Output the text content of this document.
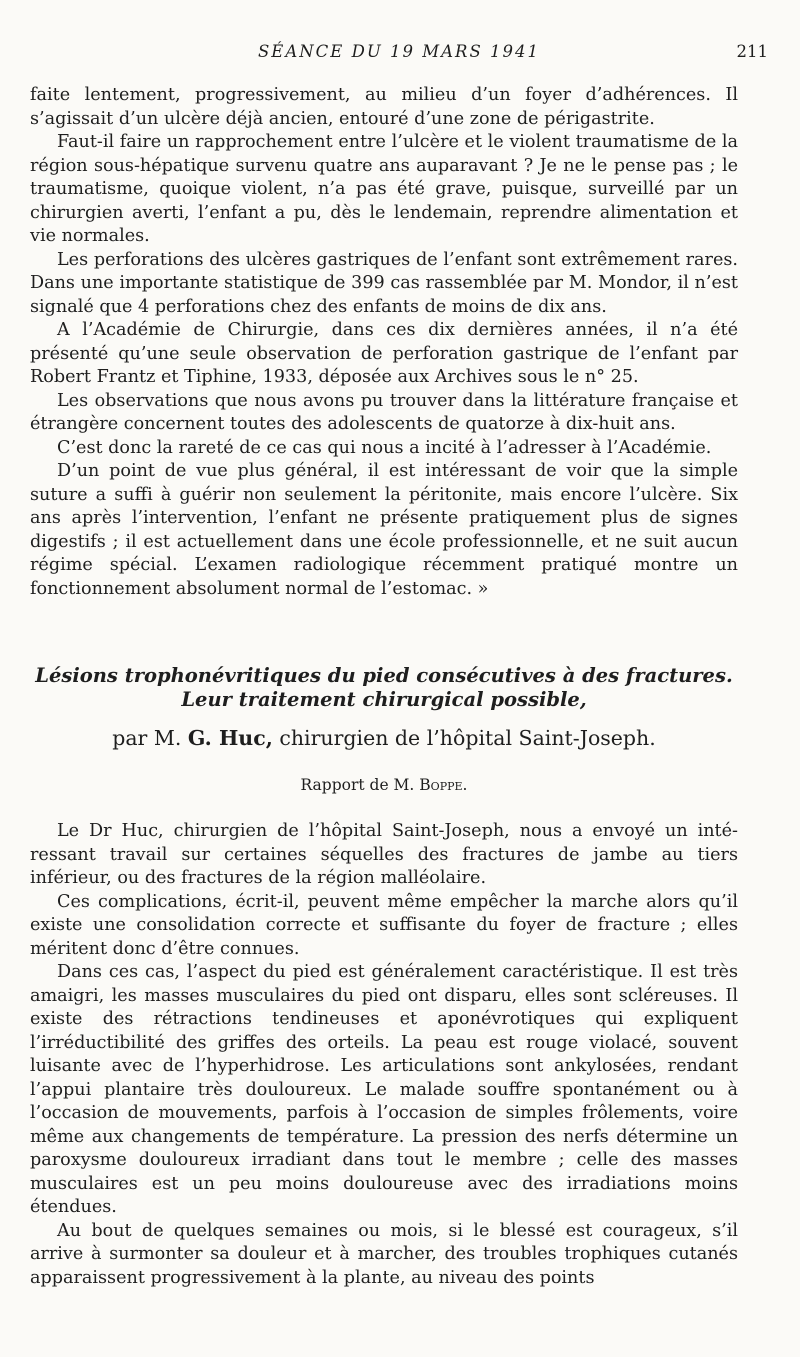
SÉANCE DU 19 MARS 1941	211

faite lentement, progressivement, au milieu d’un foyer d’adhérences. Il s’agissait d’un ulcère déjà ancien, entouré d’une zone de périgastrite.

Faut-il faire un rapprochement entre l’ulcère et le violent traumatisme de la région sous-hépatique survenu quatre ans auparavant ? Je ne le pense pas ; le traumatisme, quoique violent, n’a pas été grave, puisque, surveillé par un chirurgien averti, l’enfant a pu, dès le lendemain, reprendre alimentation et vie normales.

Les perforations des ulcères gastriques de l’enfant sont extrêmement rares. Dans une importante statistique de 399 cas rassemblée par M. Mondor, il n’est signalé que 4 perforations chez des enfants de moins de dix ans.

A l’Académie de Chirurgie, dans ces dix dernières années, il n’a été présenté qu’une seule observation de perforation gastrique de l’enfant par Robert Frantz et Tiphine, 1933, déposée aux Archives sous le n° 25.

Les observations que nous avons pu trouver dans la littérature française et étrangère concernent toutes des adolescents de quatorze à dix-huit ans.

C’est donc la rareté de ce cas qui nous a incité à l’adresser à l’Académie.

D’un point de vue plus général, il est intéressant de voir que la simple suture a suffi à guérir non seulement la péritonite, mais encore l’ulcère. Six ans après l’intervention, l’enfant ne présente pratiquement plus de signes digestifs ; il est actuellement dans une école professionnelle, et ne suit aucun régime spécial. L’examen radiologique récemment pratiqué montre un fonctionnement absolument normal de l’estomac. »

Lésions trophonévritiques du pied consécutives à des fractures.
Leur traitement chirurgical possible,
par M. G. Huc, chirurgien de l’hôpital Saint-Joseph.
Rapport de M. Boppe.

Le Dr Huc, chirurgien de l’hôpital Saint-Joseph, nous a envoyé un intéressant travail sur certaines séquelles des fractures de jambe au tiers inférieur, ou des fractures de la région malléolaire.

Ces complications, écrit-il, peuvent même empêcher la marche alors qu’il existe une consolidation correcte et suffisante du foyer de fracture ; elles méritent donc d’être connues.

Dans ces cas, l’aspect du pied est généralement caractéristique. Il est très amaigri, les masses musculaires du pied ont disparu, elles sont scléreuses. Il existe des rétractions tendineuses et aponévrotiques qui expliquent l’irréductibilité des griffes des orteils. La peau est rouge violacé, souvent luisante avec de l’hyperhidrose. Les articulations sont ankylosées, rendant l’appui plantaire très douloureux. Le malade souffre spontanément ou à l’occasion de mouvements, parfois à l’occasion de simples frôlements, voire même aux changements de température. La pression des nerfs détermine un paroxysme douloureux irradiant dans tout le membre ; celle des masses musculaires est un peu moins douloureuse avec des irradiations moins étendues.

Au bout de quelques semaines ou mois, si le blessé est courageux, s’il arrive à surmonter sa douleur et à marcher, des troubles trophiques cutanés apparaissent progressivement à la plante, au niveau des points
